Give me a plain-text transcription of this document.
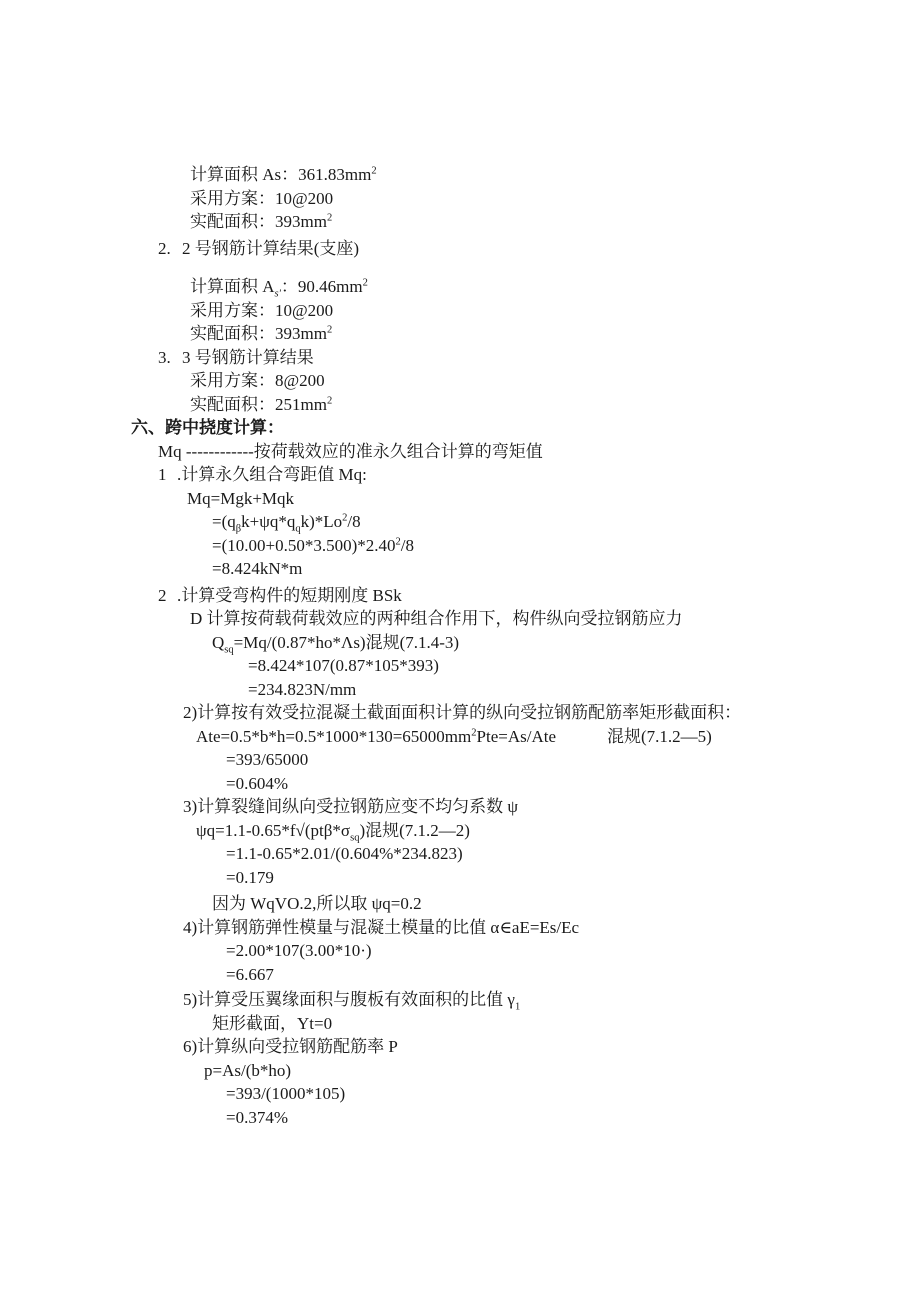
计算面积 As：$361.83mm^2$
采用方案：10@200
实配面积：$393mm^2$
2. 2 号钢筋计算结果(支座)
计算面积 $A_{s'}$：$90.46mm^2$
采用方案：10@200
实配面积：$393mm^2$
3. 3 号钢筋计算结果
采用方案：8@200
实配面积：$251mm^2$
六、跨中挠度计算：
Mq ------------按荷载效应的准永久组合计算的弯矩值
1 .计算永久组合弯距值 Mq:
Mq=Mgk+Mqk
$=(q_\beta k+\psi q*q_qk)*Lo^2/8$
$=(10.00+0.50*3.500)*2.40^2/8$
=8.424kN*m
2 .计算受弯构件的短期刚度 BSk
D 计算按荷载荷载效应的两种组合作用下，构件纵向受拉钢筋应力
$Q_{sq}=Mq/(0.87*ho*\Lambda s)$混规(7.1.4-3)
=8.424*107(0.87*105*393)
=234.823N/mm
2)计算按有效受拉混凝土截面面积计算的纵向受拉钢筋配筋率矩形截面积：
$Ate=0.5*b*h=0.5*1000*130=65000mm^2Pte=As$/Ate            混规(7.1.2—5)
=393/65000
=0.604%
3)计算裂缝间纵向受拉钢筋应变不均匀系数 ψ
$\psi q=1.1-0.65*f√(pt\beta*\sigma_{sq})$混规(7.1.2—2)
=1.1-0.65*2.01/(0.604%*234.823)
=0.179
因为 WqVO.2,所以取 ψq=0.2
4)计算钢筋弹性模量与混凝土模量的比值 α∈aE=Es/Ec
=2.00*107(3.00*10·)
=6.667
5)计算受压翼缘面积与腹板有效面积的比值 $\gamma_1$
矩形截面，Yt=0
6)计算纵向受拉钢筋配筋率 P
p=As/(b*ho)
=393/(1000*105)
=0.374%
